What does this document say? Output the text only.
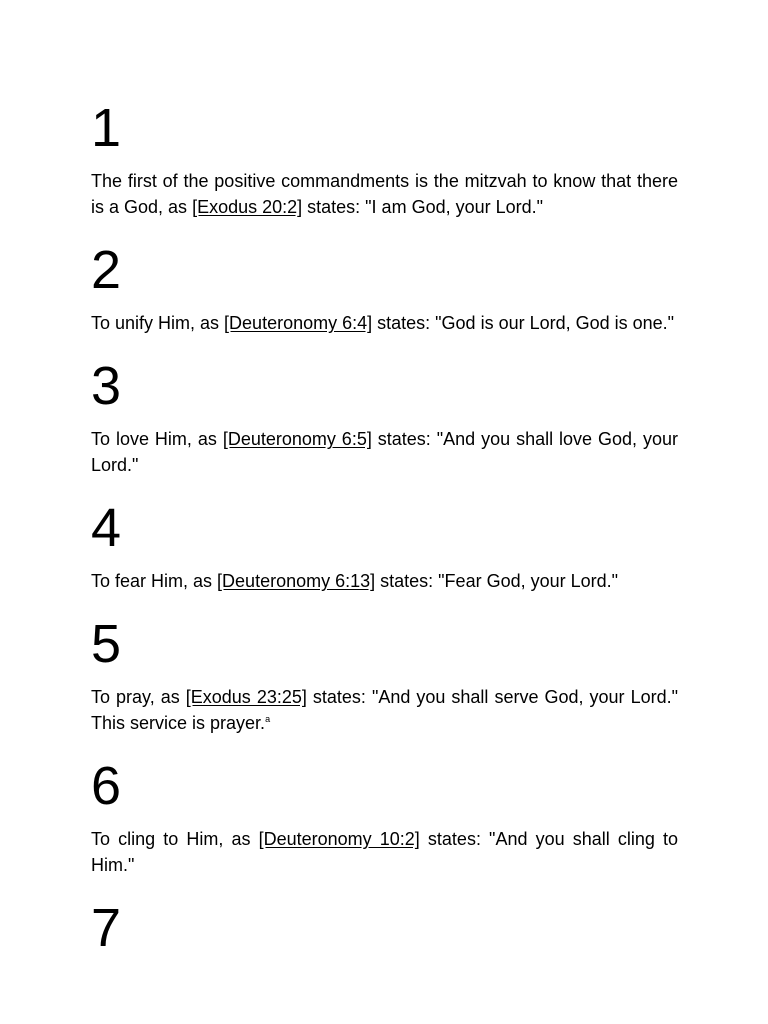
1

The first of the positive commandments is the mitzvah to know that there is a God, as [Exodus 20:2] states: "I am God, your Lord."

2

To unify Him, as [Deuteronomy 6:4] states: "God is our Lord, God is one."

3

To love Him, as [Deuteronomy 6:5] states: "And you shall love God, your Lord."

4

To fear Him, as [Deuteronomy 6:13] states: "Fear God, your Lord."

5

To pray, as [Exodus 23:25] states: "And you shall serve God, your Lord." This service is prayer.$^a$

6

To cling to Him, as [Deuteronomy 10:2] states: "And you shall cling to Him."

7
